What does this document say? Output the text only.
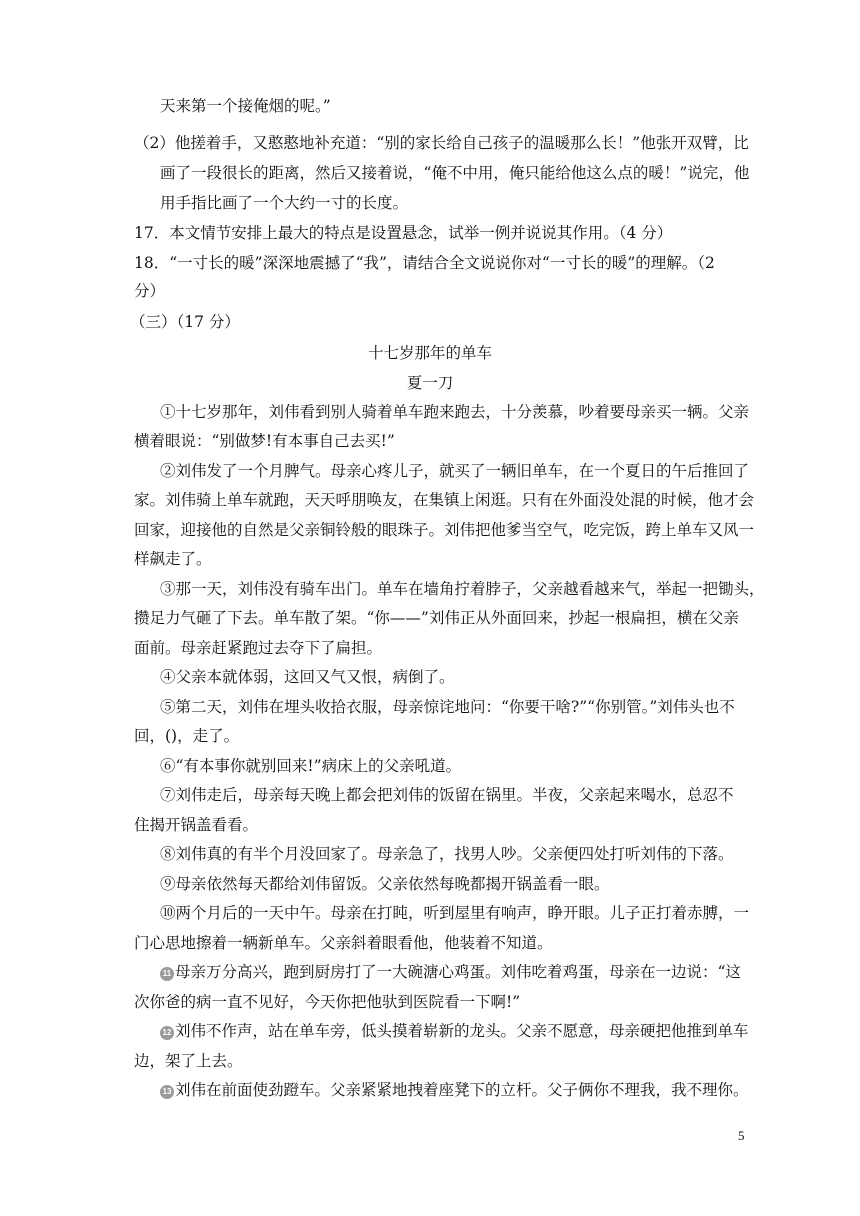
天来第一个接俺烟的呢。”
（2）他搓着手，又憨憨地补充道：“别的家长给自己孩子的温暖那么长！”他张开双臂，比
画了一段很长的距离，然后又接着说，“俺不中用，俺只能给他这么点的暖！”说完，他
用手指比画了一个大约一寸的长度。
17．本文情节安排上最大的特点是设置悬念，试举一例并说说其作用。（4 分）
18．“一寸长的暖”深深地震撼了“我”，请结合全文说说你对“一寸长的暖”的理解。（2
分）
（三）（17 分）
十七岁那年的单车
夏一刀
①十七岁那年，刘伟看到别人骑着单车跑来跑去，十分羡慕，吵着要母亲买一辆。父亲
横着眼说：“别做梦!有本事自己去买!”
②刘伟发了一个月脾气。母亲心疼儿子，就买了一辆旧单车，在一个夏日的午后推回了
家。刘伟骑上单车就跑，天天呼朋唤友，在集镇上闲逛。只有在外面没处混的时候，他才会
回家，迎接他的自然是父亲铜铃般的眼珠子。刘伟把他爹当空气，吃完饭，跨上单车又风一
样飙走了。
③那一天，刘伟没有骑车出门。单车在墙角拧着脖子，父亲越看越来气，举起一把锄头，
攒足力气砸了下去。单车散了架。“你——”刘伟正从外面回来，抄起一根扁担，横在父亲
面前。母亲赶紧跑过去夺下了扁担。
④父亲本就体弱，这回又气又恨，病倒了。
⑤第二天，刘伟在埋头收拾衣服，母亲惊诧地问：“你要干啥?”“你别管。”刘伟头也不
回，()，走了。
⑥“有本事你就别回来!”病床上的父亲吼道。
⑦刘伟走后，母亲每天晚上都会把刘伟的饭留在锅里。半夜，父亲起来喝水，总忍不
住揭开锅盖看看。
⑧刘伟真的有半个月没回家了。母亲急了，找男人吵。父亲便四处打听刘伟的下落。
⑨母亲依然每天都给刘伟留饭。父亲依然每晚都揭开锅盖看一眼。
⑩两个月后的一天中午。母亲在打盹，听到屋里有响声，睁开眼。儿子正打着赤膊，一
门心思地擦着一辆新单车。父亲斜着眼看他，他装着不知道。
11 母亲万分高兴，跑到厨房打了一大碗溏心鸡蛋。刘伟吃着鸡蛋，母亲在一边说：“这
次你爸的病一直不见好，今天你把他驮到医院看一下啊!”
12 刘伟不作声，站在单车旁，低头摸着崭新的龙头。父亲不愿意，母亲硬把他推到单车
边，架了上去。
13 刘伟在前面使劲蹬车。父亲紧紧地拽着座凳下的立杆。父子俩你不理我，我不理你。
5
